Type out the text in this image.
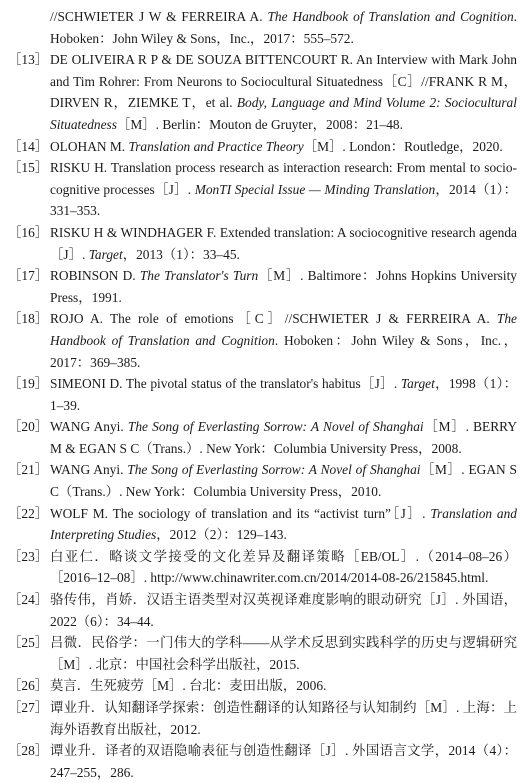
//SCHWIETER J W & FERREIRA A. The Handbook of Translation and Cognition. Hoboken：John Wiley & Sons，Inc.，2017：555–572.
［13］ DE OLIVEIRA R P & DE SOUZA BITTENCOURT R. An Interview with Mark John and Tim Rohrer: From Neurons to Sociocultural Situatedness［C］//FRANK R M，DIRVEN R，ZIEMKE T，et al. Body, Language and Mind Volume 2: Sociocultural Situatedness［M］. Berlin：Mouton de Gruyter，2008：21–48.
［14］ OLOHAN M. Translation and Practice Theory［M］. London：Routledge，2020.
［15］ RISKU H. Translation process research as interaction research: From mental to socio-cognitive processes［J］. MonTI Special Issue — Minding Translation，2014（1）：331–353.
［16］ RISKU H & WINDHAGER F. Extended translation: A sociocognitive research agenda［J］. Target，2013（1）：33–45.
［17］ ROBINSON D. The Translator's Turn［M］. Baltimore：Johns Hopkins University Press，1991.
［18］ ROJO A. The role of emotions［C］//SCHWIETER J & FERREIRA A. The Handbook of Translation and Cognition. Hoboken：John Wiley & Sons，Inc.，2017：369–385.
［19］ SIMEONI D. The pivotal status of the translator's habitus［J］. Target，1998（1）：1–39.
［20］ WANG Anyi. The Song of Everlasting Sorrow: A Novel of Shanghai［M］. BERRY M & EGAN S C（Trans.）. New York：Columbia University Press，2008.
［21］ WANG Anyi. The Song of Everlasting Sorrow: A Novel of Shanghai［M］. EGAN S C（Trans.）. New York：Columbia University Press，2010.
［22］ WOLF M. The sociology of translation and its “activist turn”［J］. Translation and Interpreting Studies，2012（2）：129–143.
［23］ 白亚仁．略谈文学接受的文化差异及翻译策略［EB/OL］.（2014–08–26）［2016–12–08］. http://www.chinawriter.com.cn/2014/2014-08-26/215845.html.
［24］ 骆传伟，肖娇．汉语主语类型对汉英视译难度影响的眼动研究［J］. 外国语，2022（6）：34–44.
［25］ 吕微．民俗学：一门伟大的学科——从学术反思到实践科学的历史与逻辑研究［M］. 北京：中国社会科学出版社，2015.
［26］ 莫言．生死疲劳［M］. 台北：麦田出版，2006.
［27］ 谭业升．认知翻译学探索：创造性翻译的认知路径与认知制约［M］. 上海：上海外语教育出版社，2012.
［28］ 谭业升．译者的双语隐喻表征与创造性翻译［J］. 外国语言文学，2014（4）：247–255，286.
